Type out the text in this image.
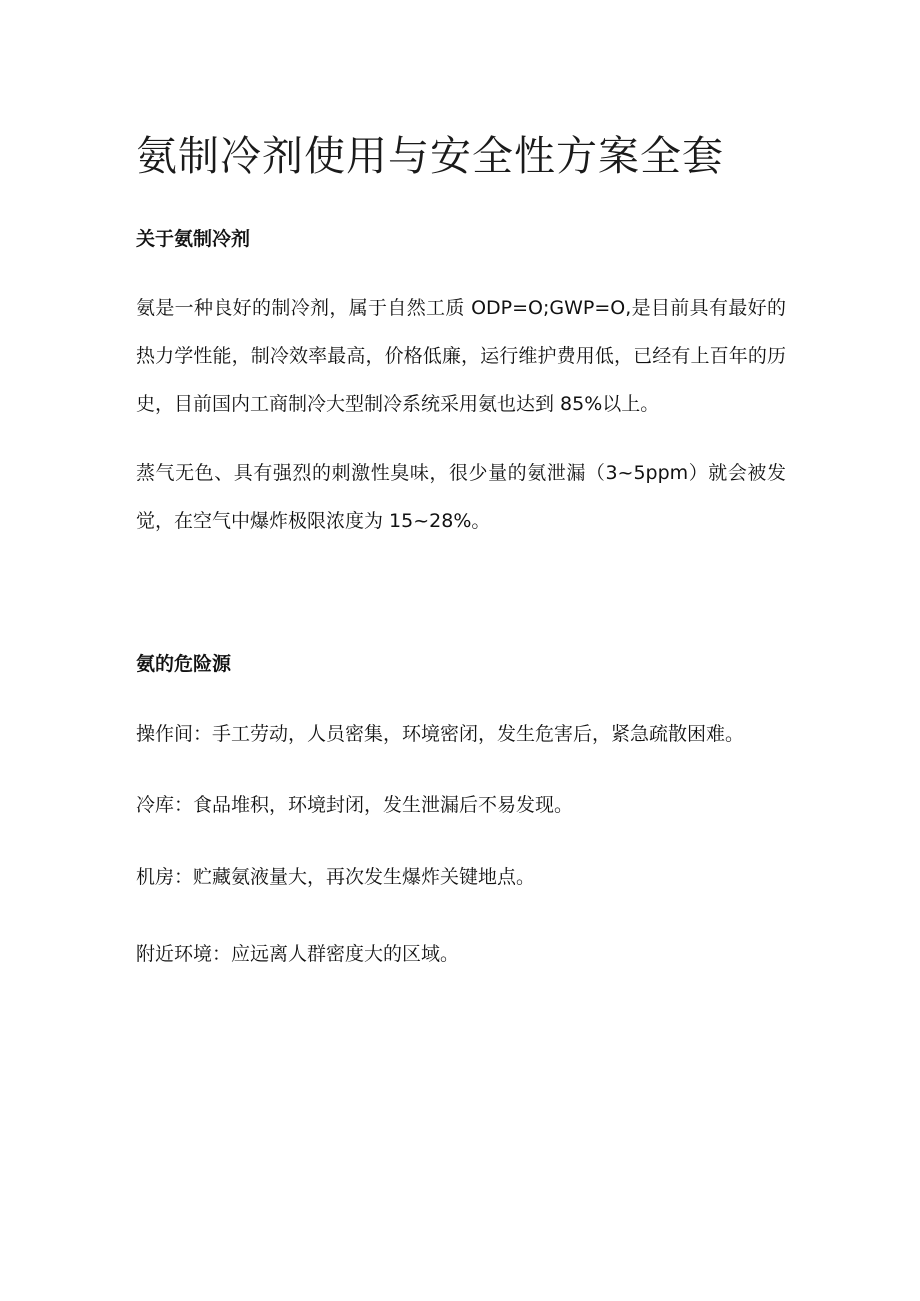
氨制冷剂使用与安全性方案全套
关于氨制冷剂

氨是一种良好的制冷剂，属于自然工质 ODP=O;GWP=O,是目前具有最好的热力学性能，制冷效率最高，价格低廉，运行维护费用低，已经有上百年的历史，目前国内工商制冷大型制冷系统采用氨也达到 85%以上。

蒸气无色、具有强烈的刺激性臭味，很少量的氨泄漏（3~5ppm）就会被发觉，在空气中爆炸极限浓度为 15~28%。

氨的危险源
操作间：手工劳动，人员密集，环境密闭，发生危害后，紧急疏散困难。
冷库：食品堆积，环境封闭，发生泄漏后不易发现。
机房：贮藏氨液量大，再次发生爆炸关键地点。
附近环境：应远离人群密度大的区域。
